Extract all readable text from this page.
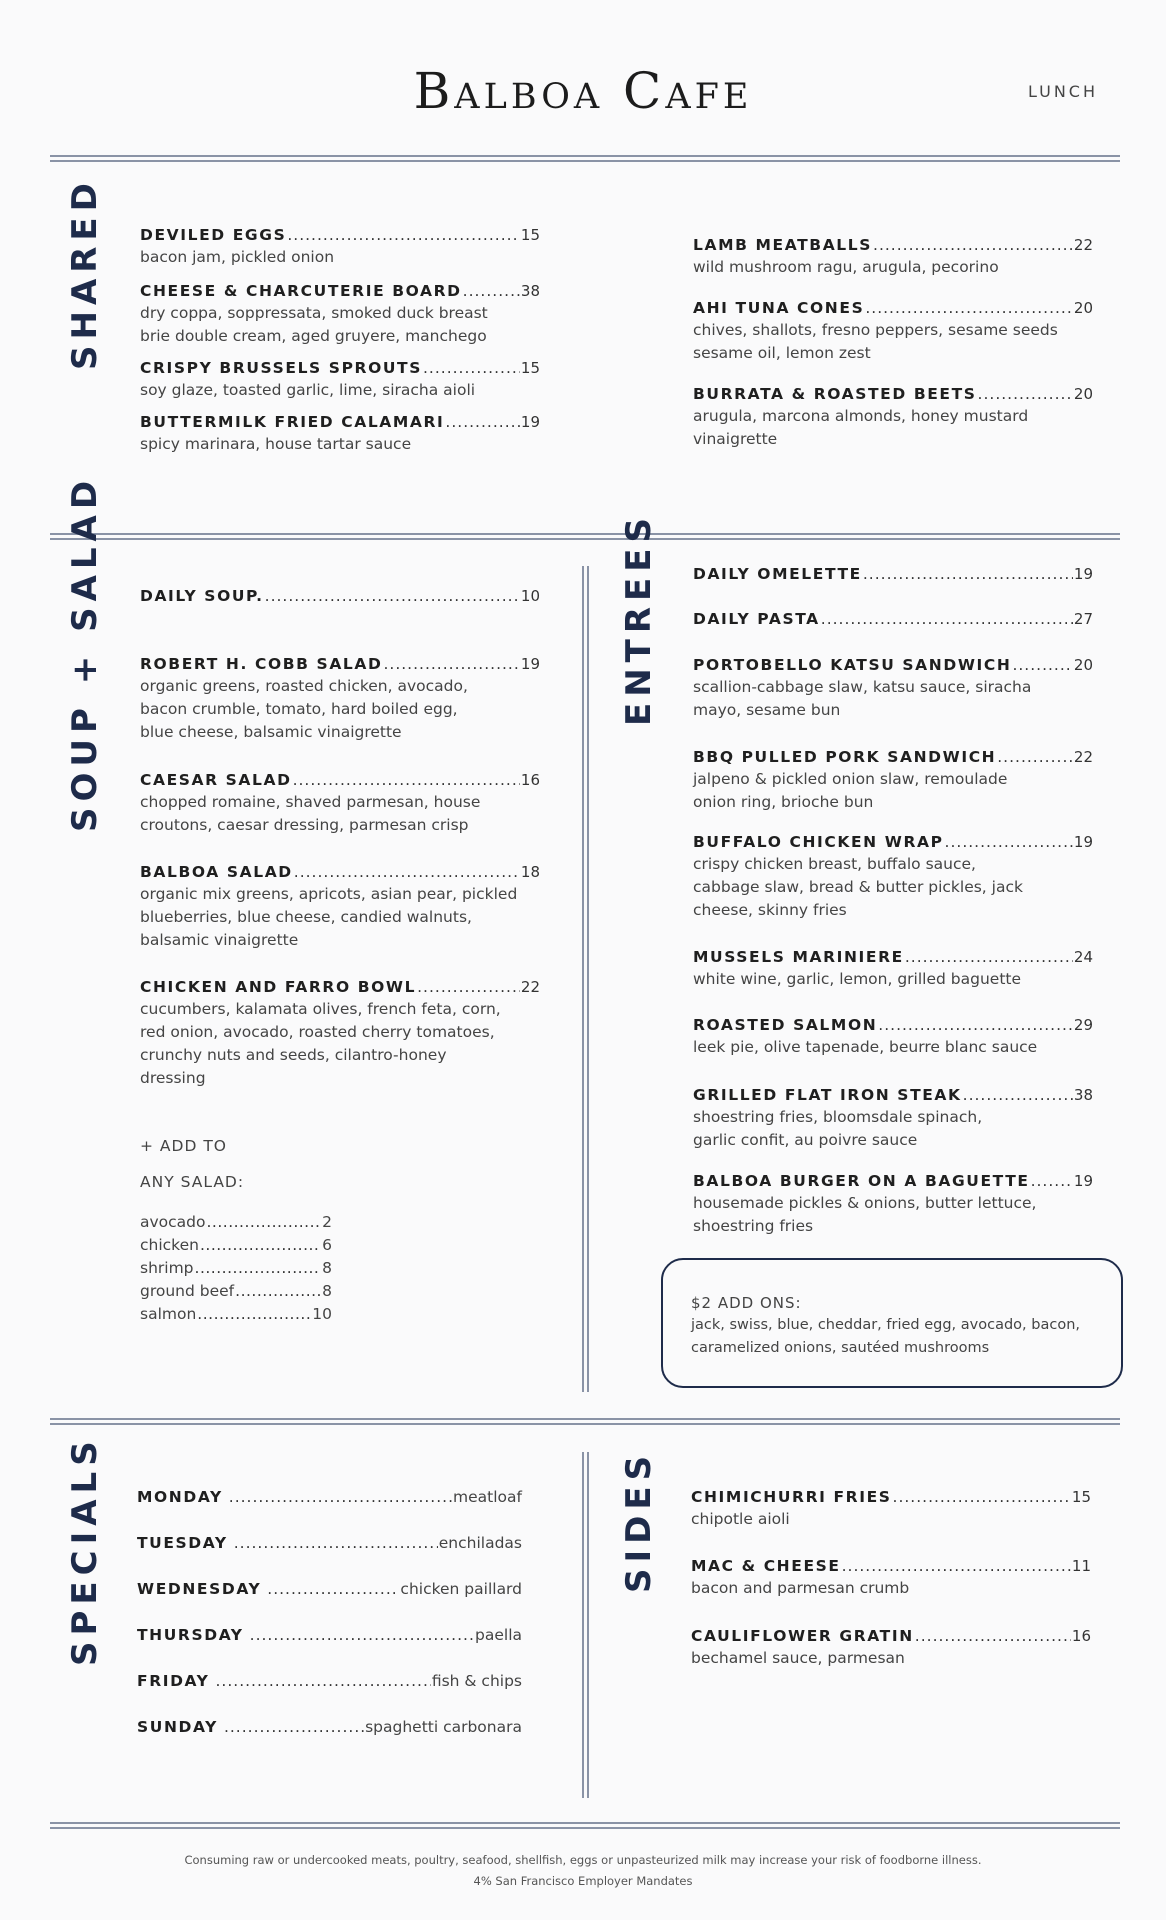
Balboa Cafe	LUNCH
SHARED DEVILED EGGS .....	15
bacon jam, pickled onion
CHEESE & CHARCUTERIE BOARD .....	38
dry coppa, soppressata, smoked duck breast
brie double cream, aged gruyere, manchego
CRISPY BRUSSELS SPROUTS .....	15
soy glaze, toasted garlic, lime, siracha aioli
BUTTERMILK FRIED CALAMARI .....	19
spicy marinara, house tartar sauce
LAMB MEATBALLS .....	22
wild mushroom ragu, arugula, pecorino
AHI TUNA CONES .....	20
chives, shallots, fresno peppers, sesame seeds
sesame oil, lemon zest
BURRATA & ROASTED BEETS .....	20
arugula, marcona almonds, honey mustard
vinaigrette
SOUP + SALAD DAILY SOUP. .....	10
ROBERT H. COBB SALAD .....	19
organic greens, roasted chicken, avocado,
bacon crumble, tomato, hard boiled egg,
blue cheese, balsamic vinaigrette
CAESAR SALAD .....	16
chopped romaine, shaved parmesan, house
croutons, caesar dressing, parmesan crisp
BALBOA SALAD .....	18
organic mix greens, apricots, asian pear, pickled
blueberries, blue cheese, candied walnuts,
balsamic vinaigrette
CHICKEN AND FARRO BOWL .....	22
cucumbers, kalamata olives, french feta, corn,
red onion, avocado, roasted cherry tomatoes,
crunchy nuts and seeds, cilantro-honey
dressing
+ ADD TO
ANY SALAD:
avocado .....	2
chicken .....	6
shrimp .....	8
ground beef .....	8
salmon .....	10
ENTREES DAILY OMELETTE .....	19
DAILY PASTA .....	27
PORTOBELLO KATSU SANDWICH .....	20
scallion-cabbage slaw, katsu sauce, siracha
mayo, sesame bun
BBQ PULLED PORK SANDWICH .....	22
jalpeno & pickled onion slaw, remoulade
onion ring, brioche bun
BUFFALO CHICKEN WRAP .....	19
crispy chicken breast, buffalo sauce,
cabbage slaw, bread & butter pickles, jack
cheese, skinny fries
MUSSELS MARINIERE .....	24
white wine, garlic, lemon, grilled baguette
ROASTED SALMON .....	29
leek pie, olive tapenade, beurre blanc sauce
GRILLED FLAT IRON STEAK .....	38
shoestring fries, bloomsdale spinach,
garlic confit, au poivre sauce
BALBOA BURGER ON A BAGUETTE .....	19
housemade pickles & onions, butter lettuce,
shoestring fries
$2 ADD ONS:
jack, swiss, blue, cheddar, fried egg, avocado, bacon,
caramelized onions, sautéed mushrooms
SPECIALS MONDAY .....	meatloaf
TUESDAY .....	enchiladas
WEDNESDAY .....	chicken paillard
THURSDAY .....	paella
FRIDAY .....	fish & chips
SUNDAY .....	spaghetti carbonara
SIDES CHIMICHURRI FRIES .....	15
chipotle aioli
MAC & CHEESE .....	11
bacon and parmesan crumb
CAULIFLOWER GRATIN .....	16
bechamel sauce, parmesan
Consuming raw or undercooked meats, poultry, seafood, shellfish, eggs or unpasteurized milk may increase your risk of foodborne illness.
4% San Francisco Employer Mandates
